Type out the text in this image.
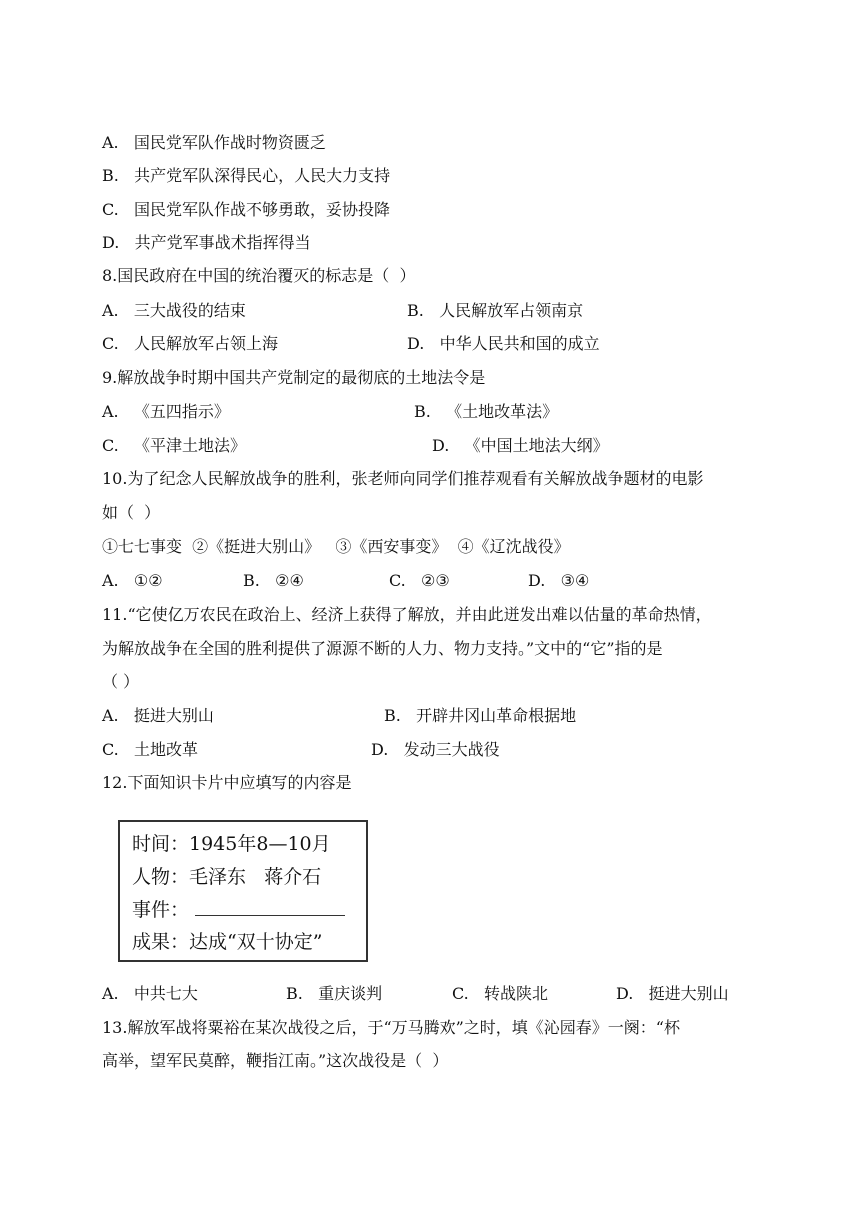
A.   国民党军队作战时物资匮乏
B.   共产党军队深得民心，人民大力支持
C.   国民党军队作战不够勇敢，妥协投降
D.   共产党军事战术指挥得当
8.国民政府在中国的统治覆灭的标志是（  ）
A.   三大战役的结束	B.   人民解放军占领南京
C.   人民解放军占领上海	D.   中华人民共和国的成立
9.解放战争时期中国共产党制定的最彻底的土地法令是
A.   《五四指示》	B.   《土地改革法》
C.   《平津土地法》	D.   《中国土地法大纲》
10.为了纪念人民解放战争的胜利，张老师向同学们推荐观看有关解放战争题材的电影
如（  ）
①七七事变  ②《挺进大别山》   ③《西安事变》  ④《辽沈战役》
A.   ①②	B.   ②④	C.   ②③	D.   ③④
11.“它使亿万农民在政治上、经济上获得了解放，并由此迸发出难以估量的革命热情，
为解放战争在全国的胜利提供了源源不断的人力、物力支持。”文中的“它”指的是
（ ）
A.   挺进大别山	B.   开辟井冈山革命根据地
C.   土地改革	D.   发动三大战役
12.下面知识卡片中应填写的内容是
时间：1945年8—10月
人物：毛泽东   蒋介石
事件：
成果：达成“双十协定”
A.   中共七大	B.   重庆谈判	C.   转战陕北	D.   挺进大别山
13.解放军战将粟裕在某次战役之后，于“万马腾欢”之时，填《沁园春》一阕：“杯
高举，望军民莫醉，鞭指江南。”这次战役是（  ）
